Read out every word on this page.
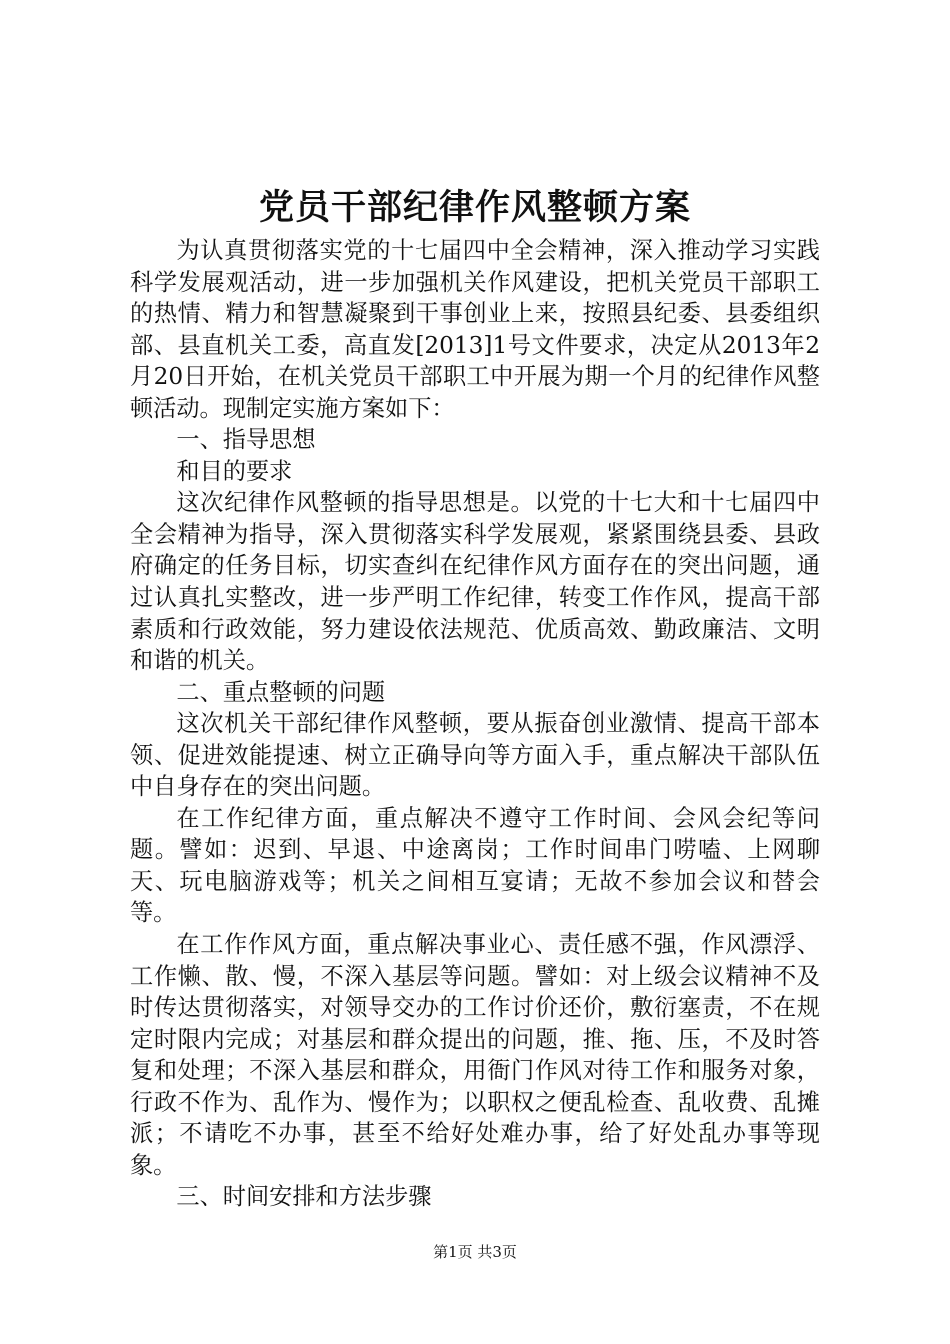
党员干部纪律作风整顿方案

为认真贯彻落实党的十七届四中全会精神，深入推动学习实践科学发展观活动，进一步加强机关作风建设，把机关党员干部职工的热情、精力和智慧凝聚到干事创业上来，按照县纪委、县委组织部、县直机关工委，高直发[2013]1号文件要求，决定从2013年2月20日开始，在机关党员干部职工中开展为期一个月的纪律作风整顿活动。现制定实施方案如下：

一、指导思想

和目的要求

这次纪律作风整顿的指导思想是。以党的十七大和十七届四中全会精神为指导，深入贯彻落实科学发展观，紧紧围绕县委、县政府确定的任务目标，切实查纠在纪律作风方面存在的突出问题，通过认真扎实整改，进一步严明工作纪律，转变工作作风，提高干部素质和行政效能，努力建设依法规范、优质高效、勤政廉洁、文明和谐的机关。

二、重点整顿的问题

这次机关干部纪律作风整顿，要从振奋创业激情、提高干部本领、促进效能提速、树立正确导向等方面入手，重点解决干部队伍中自身存在的突出问题。

在工作纪律方面，重点解决不遵守工作时间、会风会纪等问题。譬如：迟到、早退、中途离岗；工作时间串门唠嗑、上网聊天、玩电脑游戏等；机关之间相互宴请；无故不参加会议和替会等。

在工作作风方面，重点解决事业心、责任感不强，作风漂浮、工作懒、散、慢，不深入基层等问题。譬如：对上级会议精神不及时传达贯彻落实，对领导交办的工作讨价还价，敷衍塞责，不在规定时限内完成；对基层和群众提出的问题，推、拖、压，不及时答复和处理；不深入基层和群众，用衙门作风对待工作和服务对象，行政不作为、乱作为、慢作为；以职权之便乱检查、乱收费、乱摊派；不请吃不办事，甚至不给好处难办事，给了好处乱办事等现象。

三、时间安排和方法步骤

第1页 共3页
